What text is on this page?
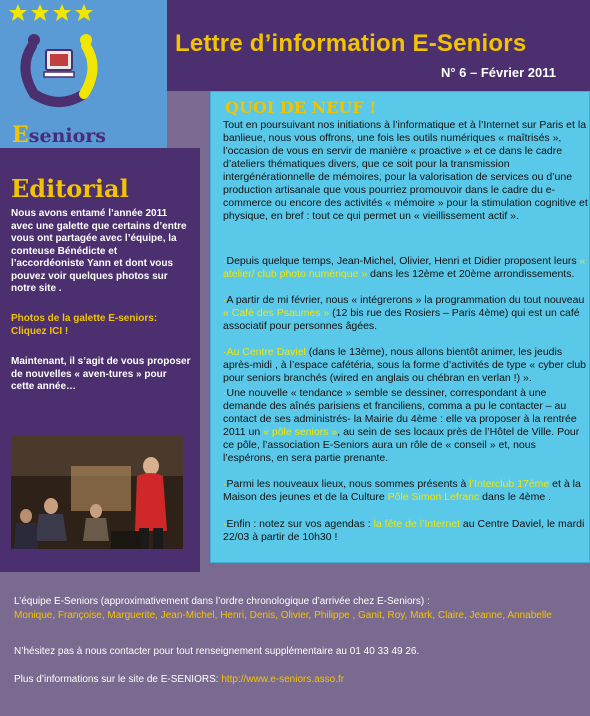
Eseniors
Lettre d’information E-Seniors
N° 6 – Février 2011
Editorial
Nous avons entamé l’année 2011 avec une galette que certains d’entre vous ont partagée avec l’équipe, la conteuse Bénédicte et l’accordéoniste Yann et dont vous pouvez voir quelques photos sur notre site .
Photos de la galette E-seniors: Cliquez ICI !
Maintenant, il s’agit de vous proposer de nouvelles « aven-tures » pour cette année…
QUOI DE NEUF !
Tout en poursuivant nos initiations à l’informatique et à l’Internet sur Paris et la banlieue, nous vous offrons, une fois les outils numériques « maîtrisés », l’occasion de vous en servir de manière « proactive » et ce dans le cadre d’ateliers thématiques divers, que ce soit pour la transmission intergénérationnelle de mémoires, pour la valorisation de services ou d’une production artisanale que vous pourriez promouvoir dans le cadre du e-commerce ou encore des activités « mémoire » pour la stimulation cognitive et physique, en bref : tout ce qui permet un « vieillissement actif ».
·Depuis quelque temps, Jean-Michel, Olivier, Henri et Didier proposent leurs « atelier/ club photo numérique » dans les 12ème et 20ème arrondissements.
·A partir de mi février, nous « intégrerons » la programmation du tout nouveau « Café des Psaumes » (12 bis rue des Rosiers – Paris 4ème) qui est un café associatif pour personnes âgées.
·Au Centre Daviel (dans le 13ème), nous allons bientôt animer, les jeudis après-midi , à l’espace cafétéria, sous la forme d’activités de type « cyber club pour seniors branchés (wired en anglais ou chébran en verlan !) ».
·Une nouvelle « tendance » semble se dessiner, correspondant à une demande des aînés parisiens et franciliens, comma a pu le contacter – au contact de ses administrés- la Mairie du 4ème : elle va proposer à la rentrée 2011 un « pôle seniors », au sein de ses locaux près de l’Hôtel de Ville. Pour ce pôle, l’association E-Seniors aura un rôle de « conseil » et, nous l’espérons, en sera partie prenante.
·Parmi les nouveaux lieux, nous sommes présents à l’Interclub 17ème et à la Maison des jeunes et de la Culture Pôle Simon Lefranc dans le 4ème .
·Enfin : notez sur vos agendas : la fête de l’Internet au Centre Daviel, le mardi 22/03 à partir de 10h30 !
L’équipe E-Seniors (approximativement dans l’ordre chronologique d’arrivée chez E-Seniors) :
Monique, Françoise, Marguerite, Jean-Michel, Henri, Denis, Olivier, Philippe , Ganit, Roy, Mark, Claire, Jeanne, Annabelle
N’hésitez pas à nous contacter pour tout renseignement supplémentaire au 01 40 33 49 26.
Plus d’informations sur le site de E-SENIORS: http://www.e-seniors.asso.fr
